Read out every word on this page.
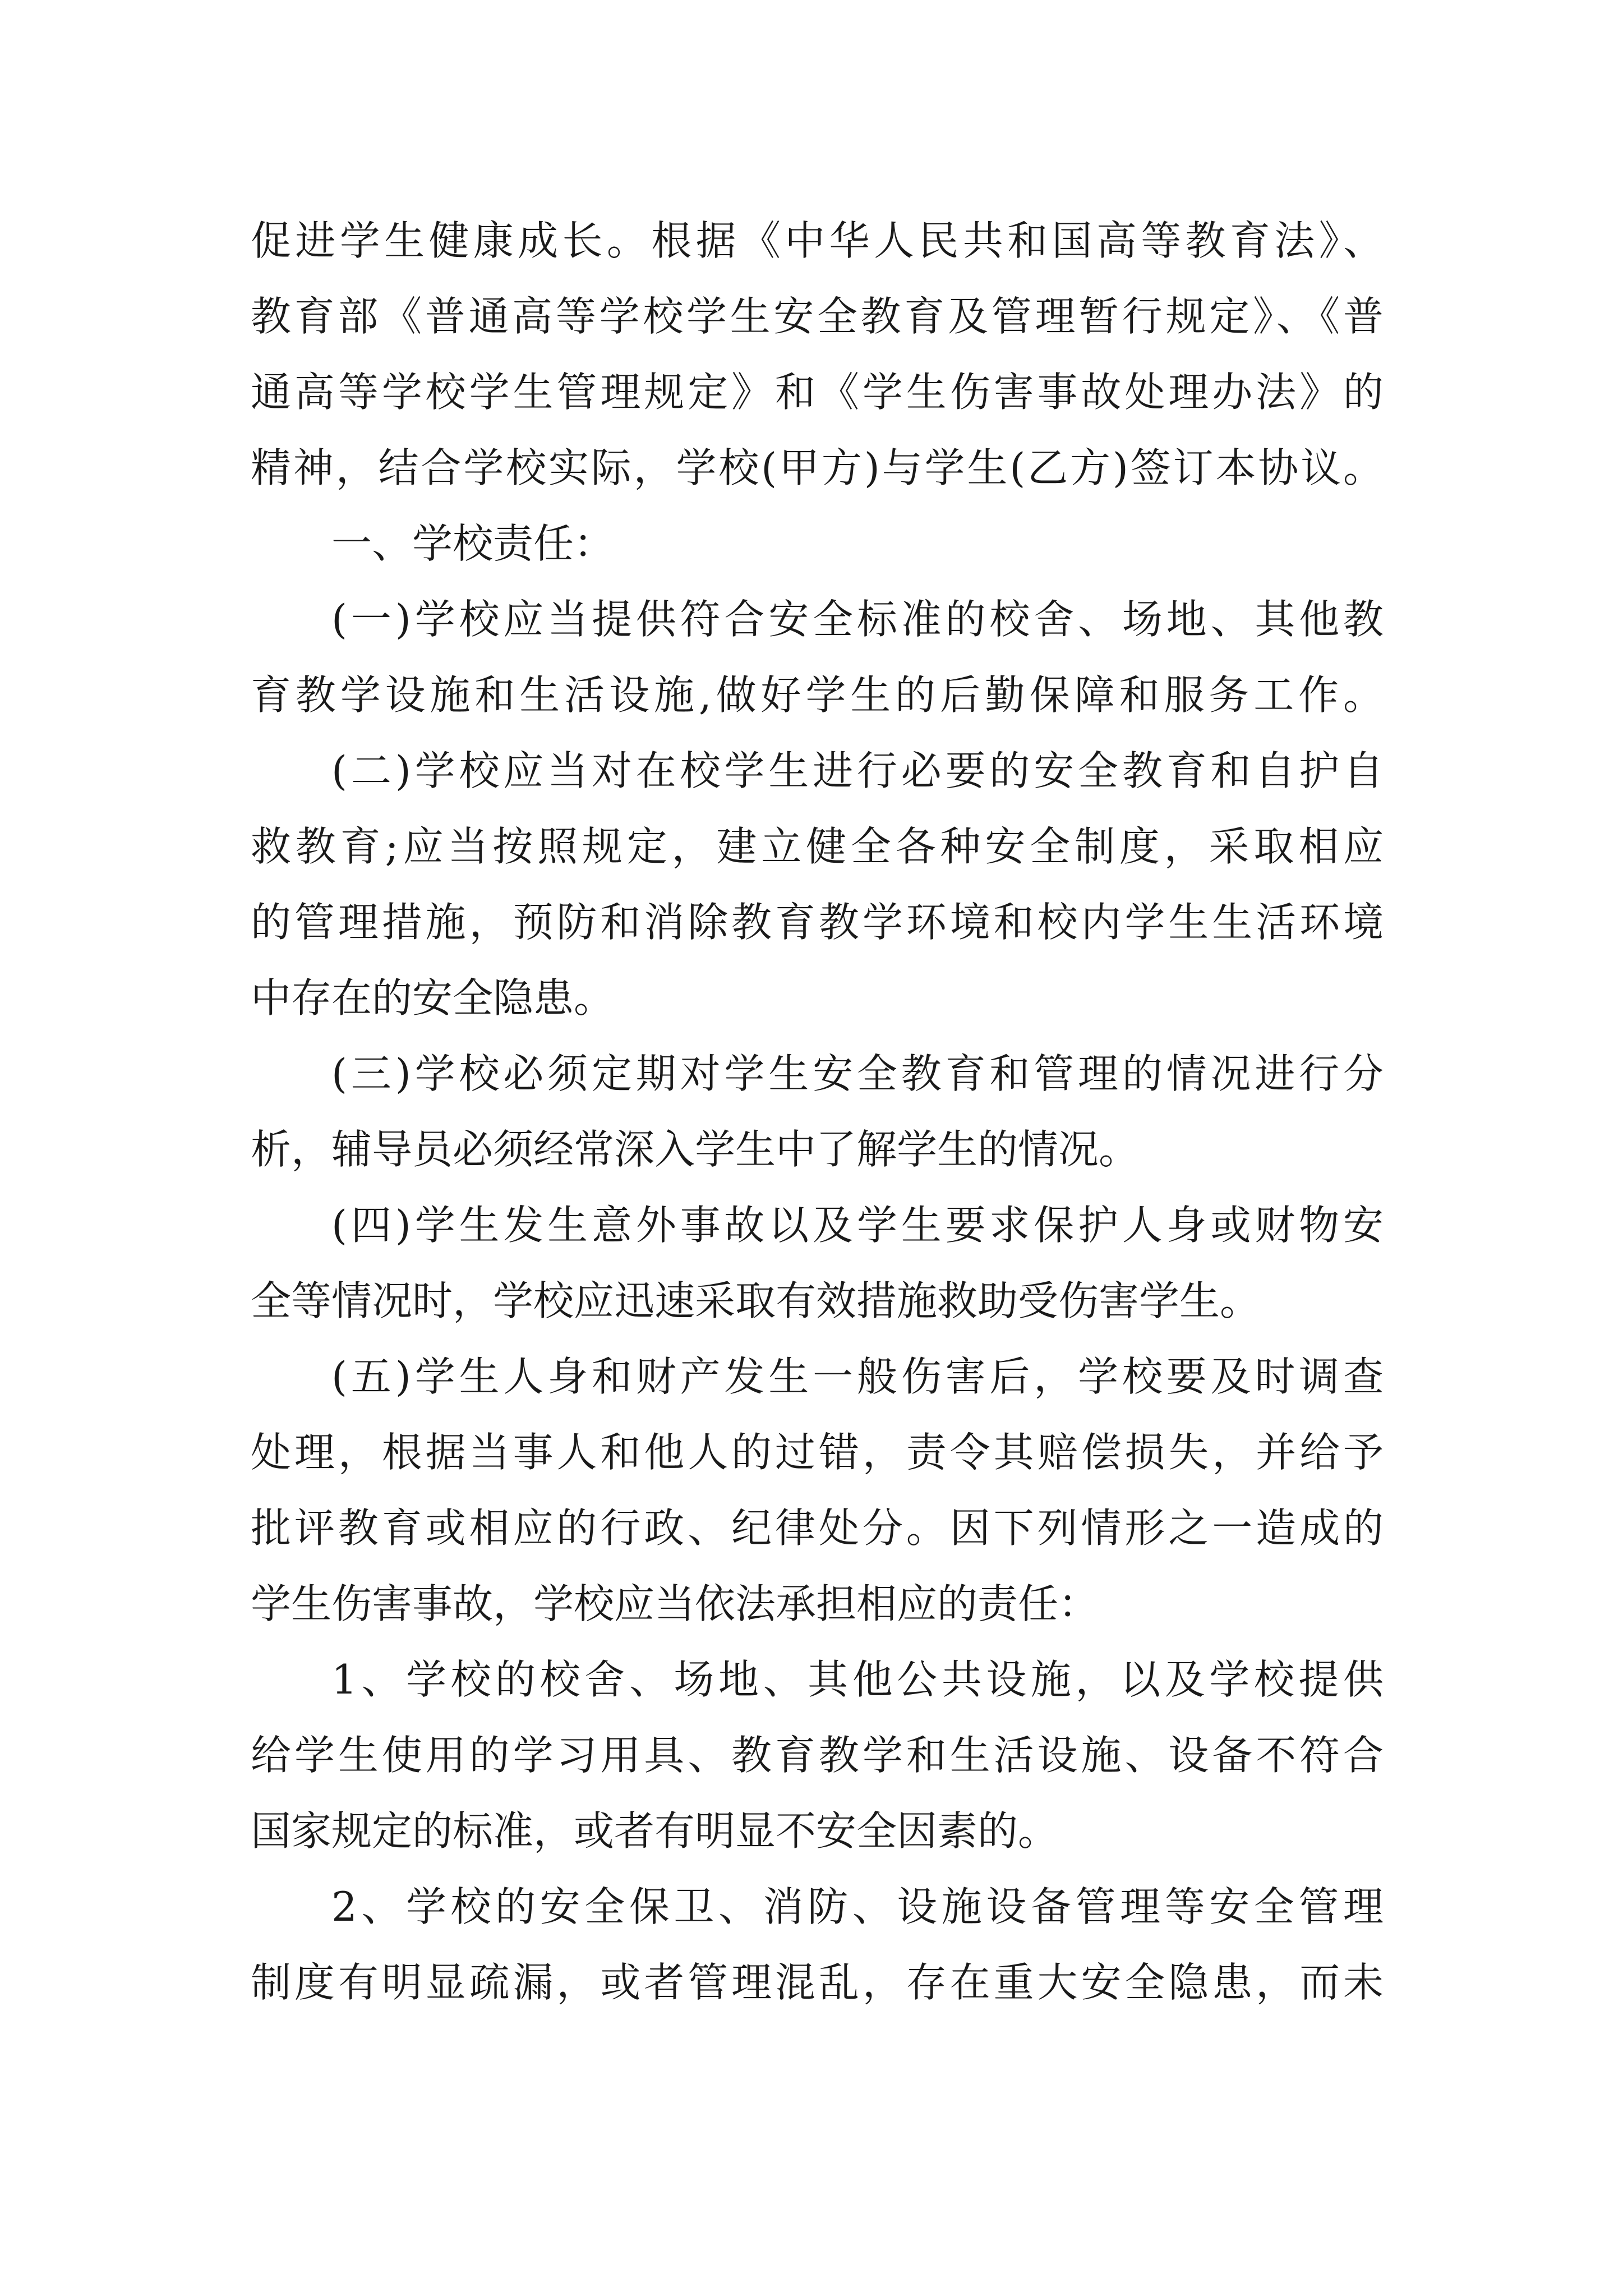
促进学生健康成长。根据《中华人民共和国高等教育法》、
教育部《普通高等学校学生安全教育及管理暂行规定》、《普
通高等学校学生管理规定》和《学生伤害事故处理办法》的
精神，结合学校实际，学校(甲方)与学生(乙方)签订本协议。
一、学校责任：
(一)学校应当提供符合安全标准的校舍、场地、其他教
育教学设施和生活设施,做好学生的后勤保障和服务工作。
(二)学校应当对在校学生进行必要的安全教育和自护自
救教育;应当按照规定，建立健全各种安全制度，采取相应
的管理措施，预防和消除教育教学环境和校内学生生活环境
中存在的安全隐患。
(三)学校必须定期对学生安全教育和管理的情况进行分
析，辅导员必须经常深入学生中了解学生的情况。
(四)学生发生意外事故以及学生要求保护人身或财物安
全等情况时，学校应迅速采取有效措施救助受伤害学生。
(五)学生人身和财产发生一般伤害后，学校要及时调查
处理，根据当事人和他人的过错，责令其赔偿损失，并给予
批评教育或相应的行政、纪律处分。因下列情形之一造成的
学生伤害事故，学校应当依法承担相应的责任：
1、学校的校舍、场地、其他公共设施，以及学校提供
给学生使用的学习用具、教育教学和生活设施、设备不符合
国家规定的标准，或者有明显不安全因素的。
2、学校的安全保卫、消防、设施设备管理等安全管理
制度有明显疏漏，或者管理混乱，存在重大安全隐患，而未
